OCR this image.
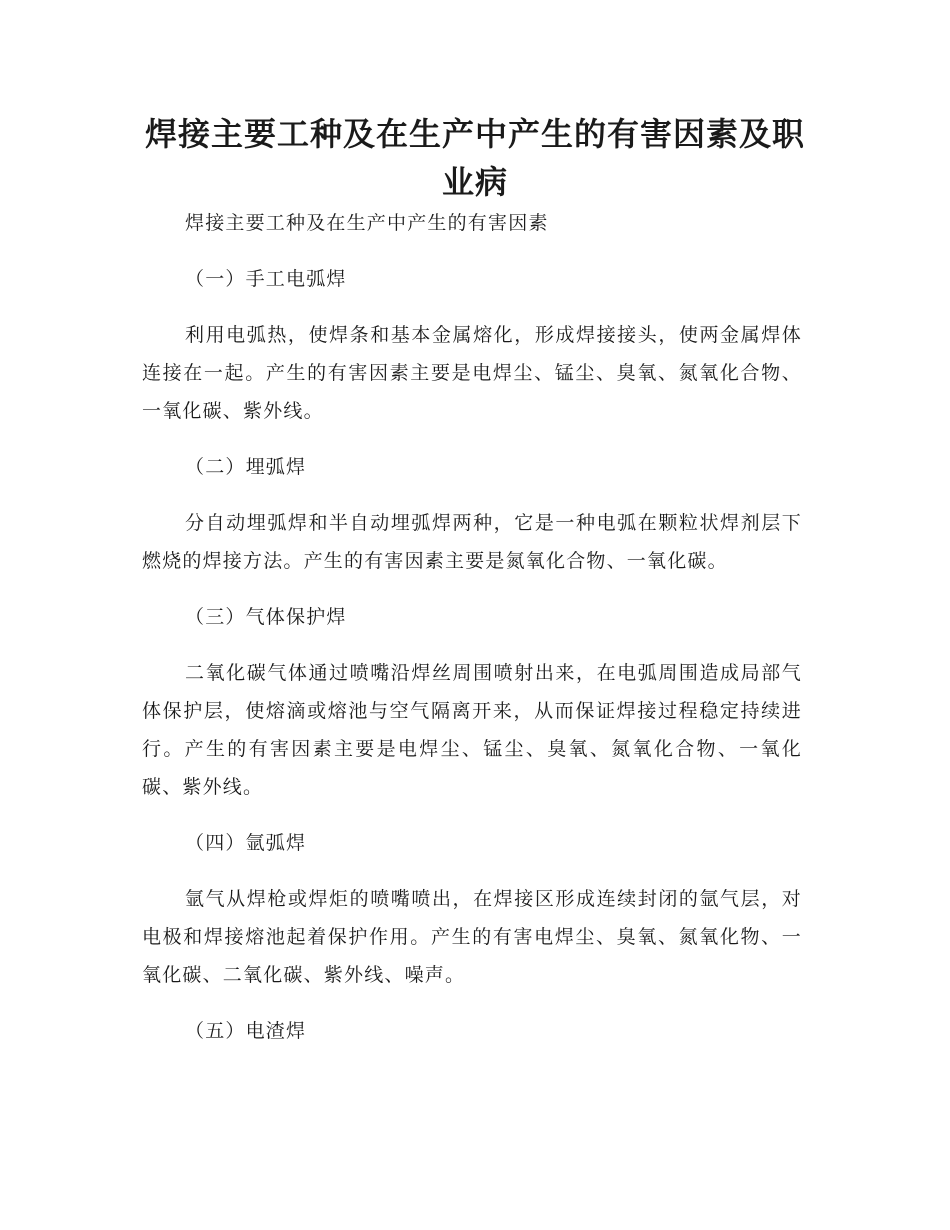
焊接主要工种及在生产中产生的有害因素及职业病

焊接主要工种及在生产中产生的有害因素

（一）手工电弧焊

利用电弧热，使焊条和基本金属熔化，形成焊接接头，使两金属焊体连接在一起。产生的有害因素主要是电焊尘、锰尘、臭氧、氮氧化合物、一氧化碳、紫外线。

（二）埋弧焊

分自动埋弧焊和半自动埋弧焊两种，它是一种电弧在颗粒状焊剂层下燃烧的焊接方法。产生的有害因素主要是氮氧化合物、一氧化碳。

（三）气体保护焊

二氧化碳气体通过喷嘴沿焊丝周围喷射出来，在电弧周围造成局部气体保护层，使熔滴或熔池与空气隔离开来，从而保证焊接过程稳定持续进行。产生的有害因素主要是电焊尘、锰尘、臭氧、氮氧化合物、一氧化碳、紫外线。

（四）氩弧焊

氩气从焊枪或焊炬的喷嘴喷出，在焊接区形成连续封闭的氩气层，对电极和焊接熔池起着保护作用。产生的有害电焊尘、臭氧、氮氧化物、一氧化碳、二氧化碳、紫外线、噪声。

（五）电渣焊
